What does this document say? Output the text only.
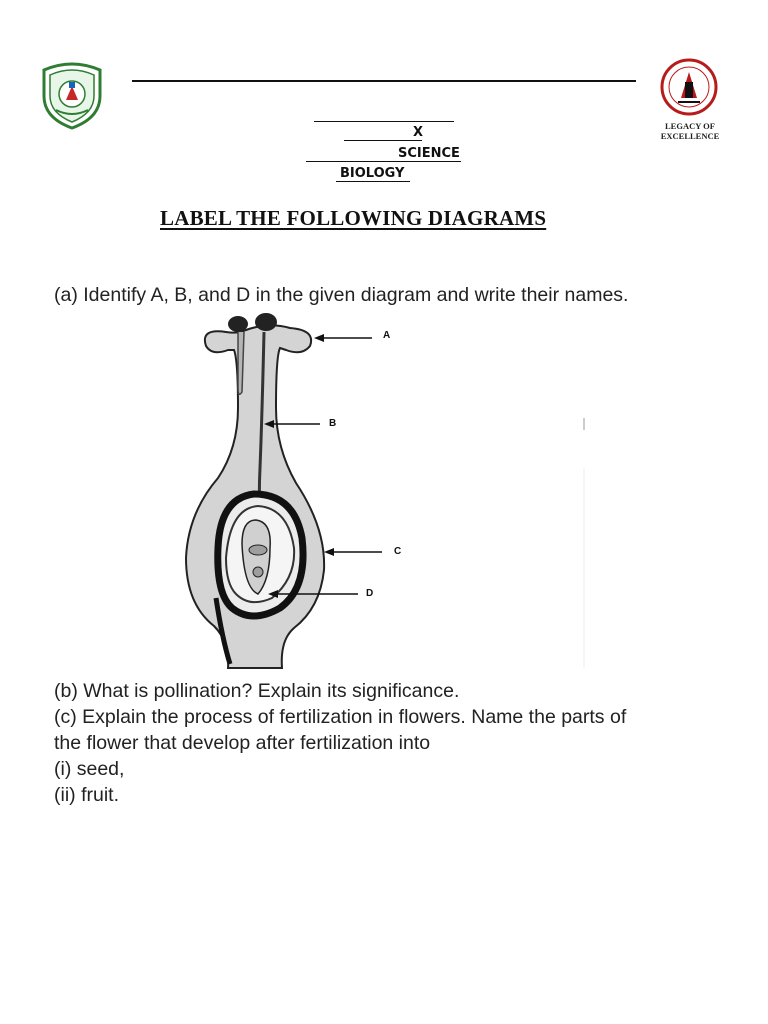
LEGACY OF EXCELLENCE
X
SCIENCE
BIOLOGY
LABEL THE FOLLOWING DIAGRAMS
(a) Identify A, B, and D in the given diagram and write their names.
A
B
C
D
(b) What is pollination? Explain its significance.
(c) Explain the process of fertilization in flowers. Name the parts of
the flower that develop after fertilization into
(i) seed,
(ii) fruit.
